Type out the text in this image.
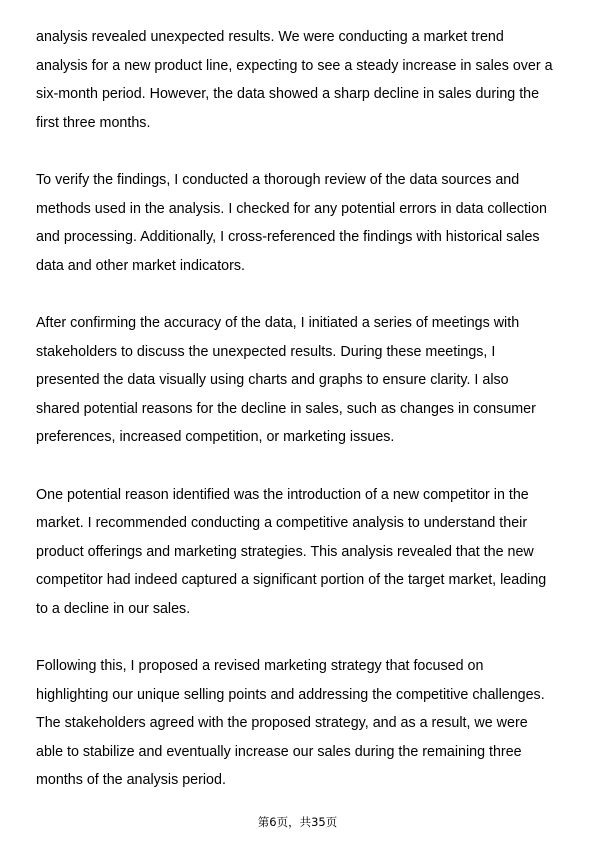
analysis revealed unexpected results. We were conducting a market trend
analysis for a new product line, expecting to see a steady increase in sales over a
six-month period. However, the data showed a sharp decline in sales during the
first three months.

To verify the findings, I conducted a thorough review of the data sources and
methods used in the analysis. I checked for any potential errors in data collection
and processing. Additionally, I cross-referenced the findings with historical sales
data and other market indicators.

After confirming the accuracy of the data, I initiated a series of meetings with
stakeholders to discuss the unexpected results. During these meetings, I
presented the data visually using charts and graphs to ensure clarity. I also
shared potential reasons for the decline in sales, such as changes in consumer
preferences, increased competition, or marketing issues.

One potential reason identified was the introduction of a new competitor in the
market. I recommended conducting a competitive analysis to understand their
product offerings and marketing strategies. This analysis revealed that the new
competitor had indeed captured a significant portion of the target market, leading
to a decline in our sales.

Following this, I proposed a revised marketing strategy that focused on
highlighting our unique selling points and addressing the competitive challenges.
The stakeholders agreed with the proposed strategy, and as a result, we were
able to stabilize and eventually increase our sales during the remaining three
months of the analysis period.

第6页，共35页
